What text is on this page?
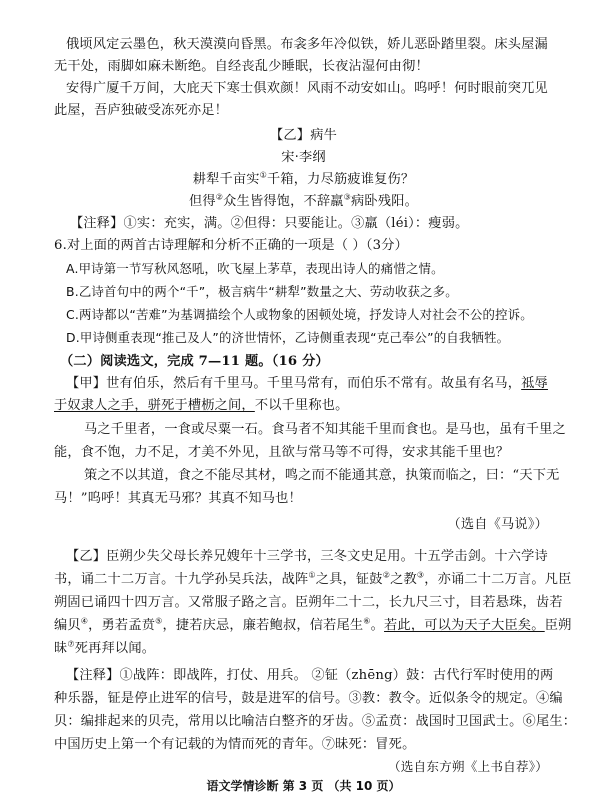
俄顷风定云墨色，秋天漠漠向昏黑。布衾多年冷似铁，娇儿恶卧踏里裂。床头屋漏
无干处，雨脚如麻未断绝。自经丧乱少睡眠，长夜沾湿何由彻！
安得广厦千万间，大庇天下寒士俱欢颜！风雨不动安如山。呜呼！何时眼前突兀见
此屋，吾庐独破受冻死亦足！
【乙】病牛
宋·李纲
耕犁千亩实①千箱，力尽筋疲谁复伤？
但得②众生皆得饱，不辞羸③病卧残阳。
【注释】①实：充实，满。②但得：只要能让。③羸（léi）：瘦弱。
6.对上面的两首古诗理解和分析不正确的一项是（ ）（3分）
A.甲诗第一节写秋风怒吼，吹飞屋上茅草，表现出诗人的痛惜之情。
B.乙诗首句中的两个“千”，极言病牛“耕犁”数量之大、劳动收获之多。
C.两诗都以“苦难”为基调描绘个人或物象的困顿处境，抒发诗人对社会不公的控诉。
D.甲诗侧重表现“推己及人”的济世情怀，乙诗侧重表现“克己奉公”的自我牺牲。
（二）阅读选文，完成 7—11 题。（16 分）
【甲】世有伯乐，然后有千里马。千里马常有，而伯乐不常有。故虽有名马，祗辱
于奴隶人之手，骈死于槽枥之间，不以千里称也。
马之千里者，一食或尽粟一石。食马者不知其能千里而食也。是马也，虽有千里之
能，食不饱，力不足，才美不外见，且欲与常马等不可得，安求其能千里也？
策之不以其道，食之不能尽其材，鸣之而不能通其意，执策而临之，曰：“天下无
马！”呜呼！其真无马邪？其真不知马也！
（选自《马说》）
【乙】臣朔少失父母长养兄嫂年十三学书，三冬文史足用。十五学击剑。十六学诗
书，诵二十二万言。十九学孙吴兵法，战阵①之具，钲鼓②之教③，亦诵二十二万言。凡臣
朔固已诵四十四万言。又常服子路之言。臣朔年二十二，长九尺三寸，目若悬珠，齿若
编贝④，勇若孟贲⑤，捷若庆忌，廉若鲍叔，信若尾生⑥。若此，可以为天子大臣矣。臣朔
昧⑦死再拜以闻。
【注释】①战阵：即战阵，打仗、用兵。 ②钲（zhēng）鼓：古代行军时使用的两
种乐器，钲是停止进军的信号，鼓是进军的信号。③教：教令。近似条令的规定。④编
贝：编排起来的贝壳，常用以比喻洁白整齐的牙齿。⑤孟贲：战国时卫国武士。⑥尾生：
中国历史上第一个有记载的为情而死的青年。⑦昧死：冒死。
（选自东方朔《上书自荐》）
语文学情诊断 第 3 页 （共 10 页）
